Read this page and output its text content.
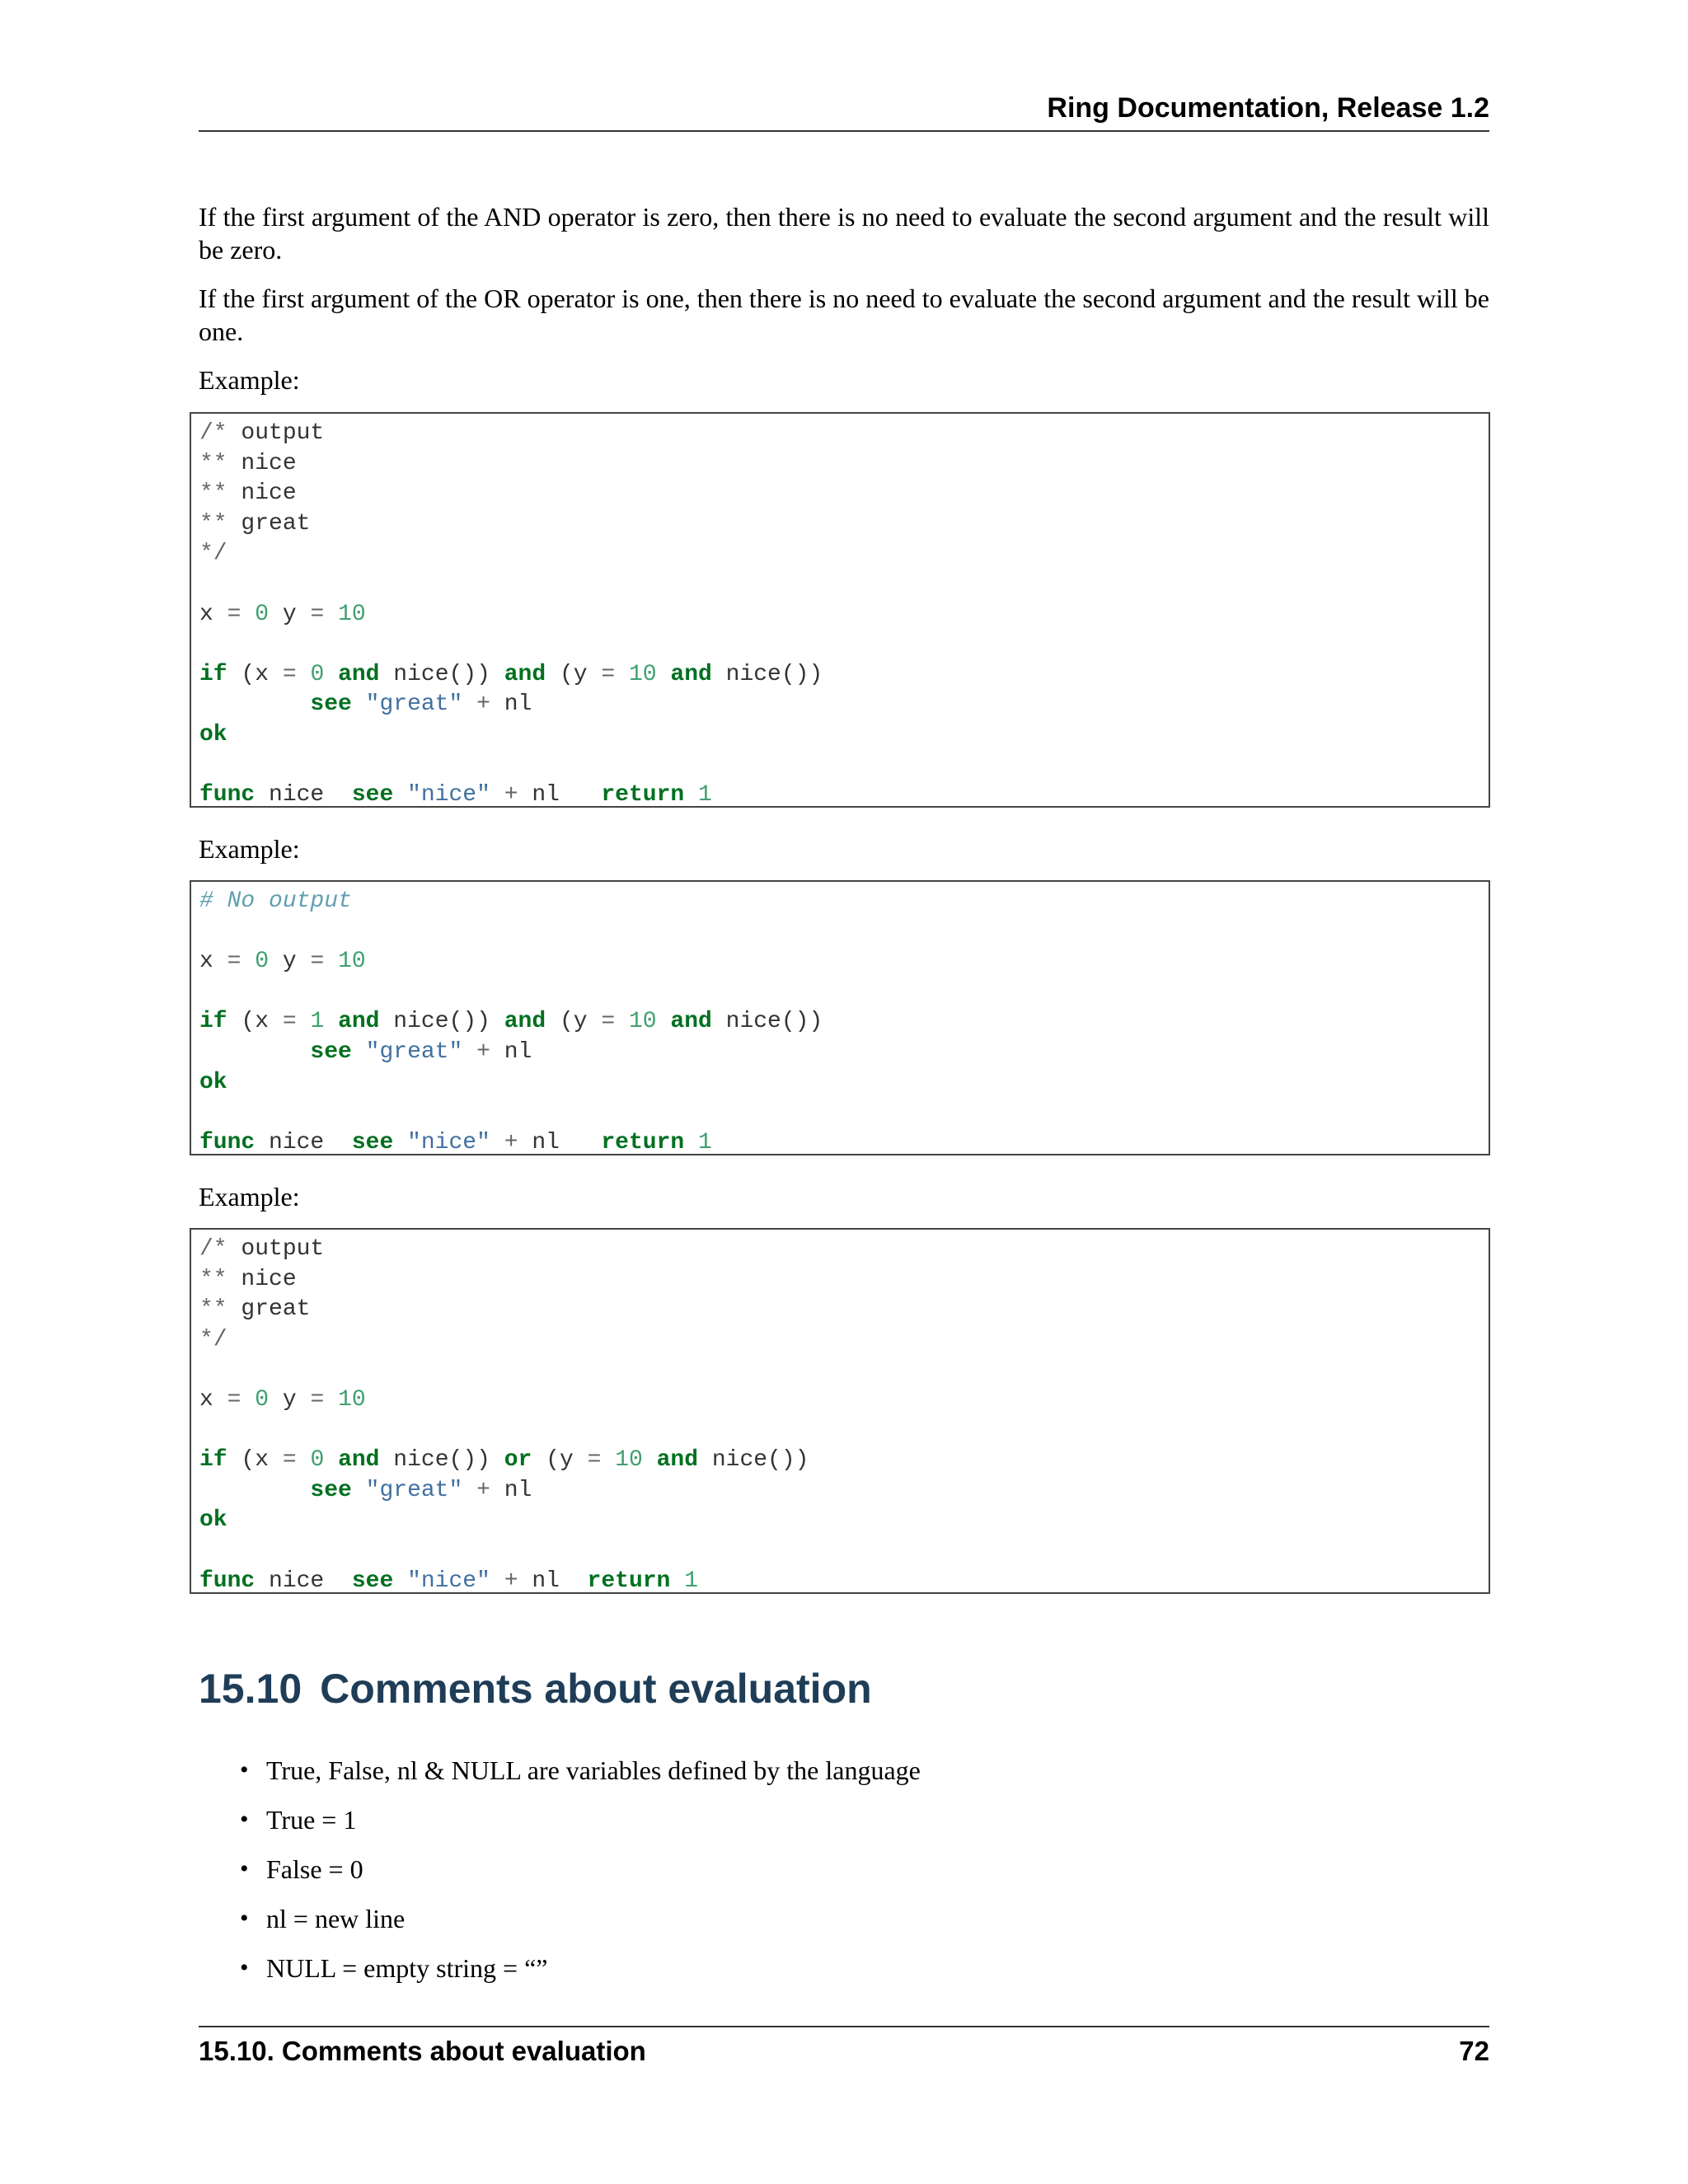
Ring Documentation, Release 1.2

If the first argument of the AND operator is zero, then there is no need to evaluate the second argument and the result will be zero.

If the first argument of the OR operator is one, then there is no need to evaluate the second argument and the result will be one.

Example:

/* output
** nice
** nice
** great
*/

x = 0 y = 10

if (x = 0 and nice()) and (y = 10 and nice())
see "great" + nl
ok

func nice  see "nice" + nl   return 1

Example:

# No output

x = 0 y = 10

if (x = 1 and nice()) and (y = 10 and nice())
see "great" + nl
ok

func nice  see "nice" + nl   return 1

Example:

/* output
** nice
** great
*/

x = 0 y = 10

if (x = 0 and nice()) or (y = 10 and nice())
see "great" + nl
ok

func nice  see "nice" + nl  return 1
15.10 Comments about evaluation
• True, False, nl & NULL are variables defined by the language
• True = 1
• False = 0
• nl = new line
• NULL = empty string = “”
15.10. Comments about evaluation	72
